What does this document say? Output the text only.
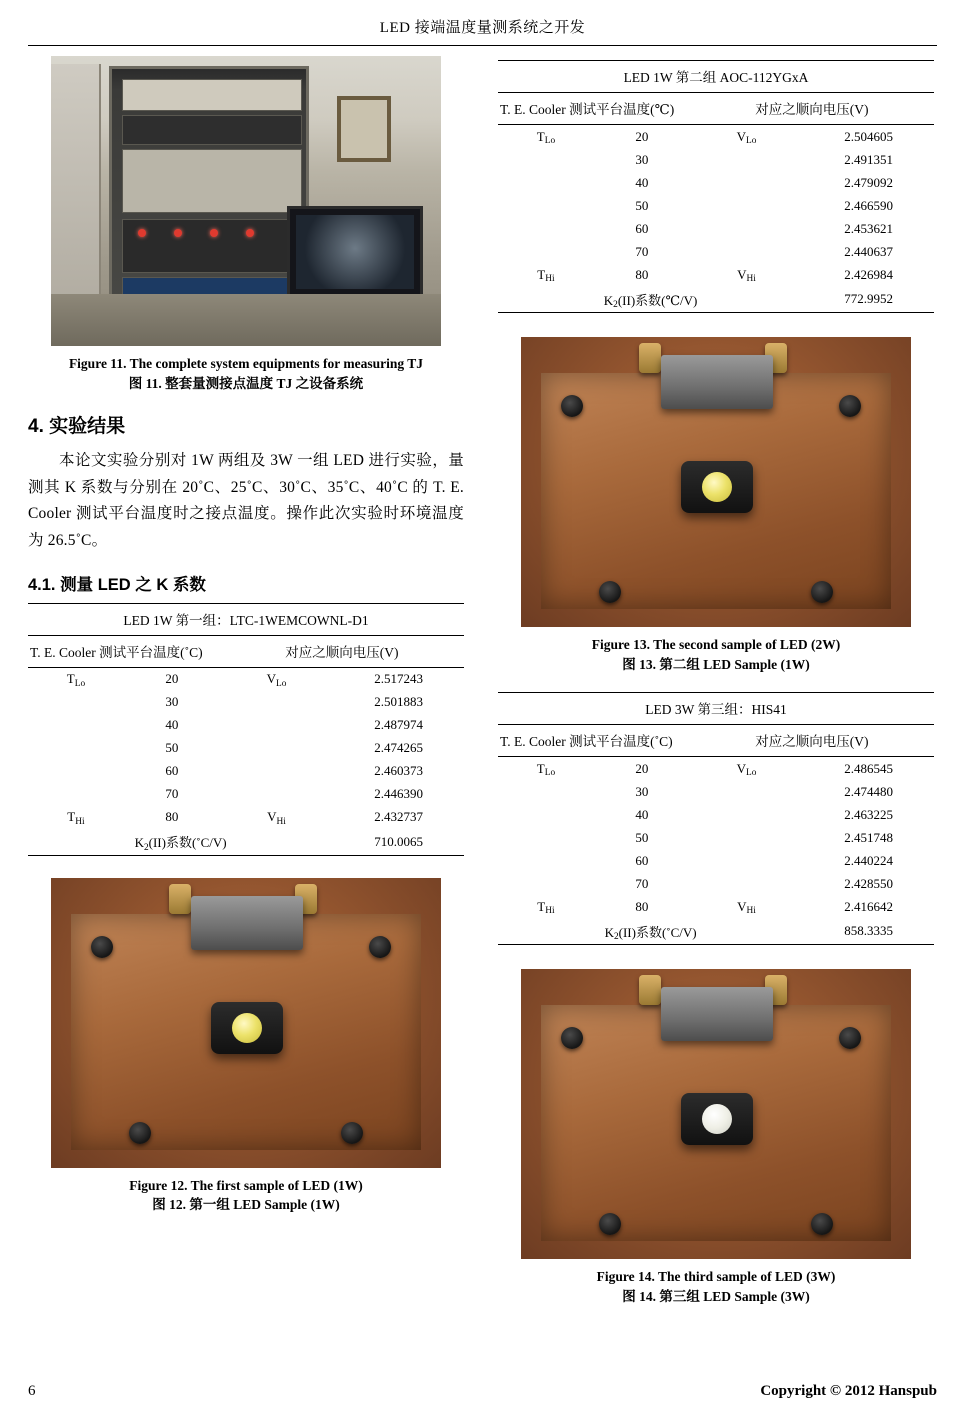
LED 接端温度量测系统之开发
Figure 11. The complete system equipments for measuring TJ
图 11. 整套量测接点温度 TJ 之设备系统
4. 实验结果

本论文实验分别对 1W 两组及 3W 一组 LED 进行实验，量测其 K 系数与分别在 20˚C、25˚C、30˚C、35˚C、40˚C 的 T. E. Cooler 测试平台温度时之接点温度。操作此次实验时环境温度为 26.5˚C。

4.1. 测量 LED 之 K 系数
LED 1W 第一组：LTC-1WEMCOWNL-D1			
T. E. Cooler 测试平台温度(˚C)		对应之顺向电压(V)	
$T_{Lo}$	20	$V_{Lo}$	2.517243
	30		2.501883
	40		2.487974
	50		2.474265
	60		2.460373
	70		2.446390
$T_{Hi}$	80	$V_{Hi}$	2.432737
$K_2(II)$系数(˚C/V)			710.0065
Figure 12. The first sample of LED (1W)
图 12. 第一组 LED Sample (1W)
LED 1W 第二组 AOC-112YGxA			
T. E. Cooler 测试平台温度(℃)		对应之顺向电压(V)	
$T_{Lo}$	20	$V_{Lo}$	2.504605
	30		2.491351
	40		2.479092
	50		2.466590
	60		2.453621
	70		2.440637
$T_{Hi}$	80	$V_{Hi}$	2.426984
$K_2(II)$系数(℃/V)			772.9952
Figure 13. The second sample of LED (2W)
图 13. 第二组 LED Sample (1W)
LED 3W 第三组：HIS41			
T. E. Cooler 测试平台温度(˚C)		对应之顺向电压(V)	
$T_{Lo}$	20	$V_{Lo}$	2.486545
	30		2.474480
	40		2.463225
	50		2.451748
	60		2.440224
	70		2.428550
$T_{Hi}$	80	$V_{Hi}$	2.416642
$K_2(II)$系数(˚C/V)			858.3335
Figure 14. The third sample of LED (3W)
图 14. 第三组 LED Sample (3W)
6	Copyright © 2012 Hanspub
